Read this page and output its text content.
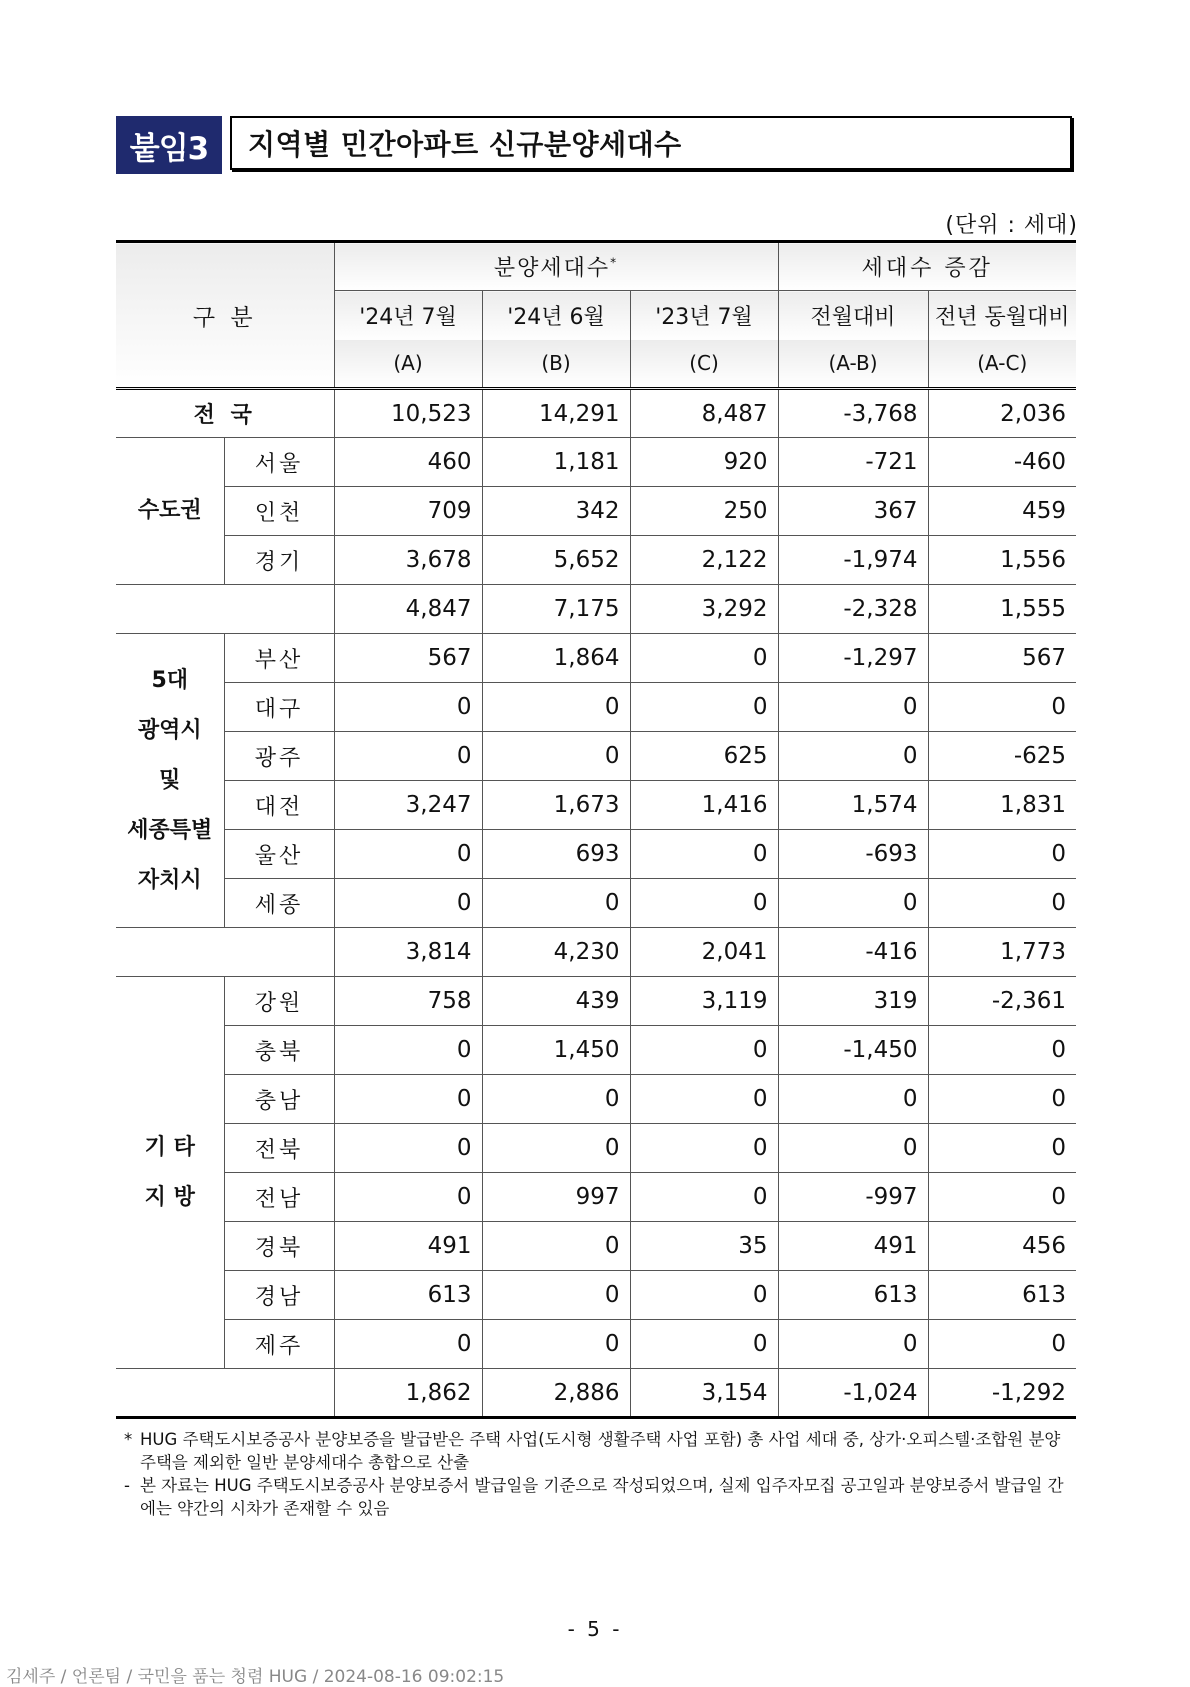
붙임3	지역별 민간아파트 신규분양세대수
(단위 : 세대)
구 분		분양세대수*			세대수 증감	
		'24년 7월	'24년 6월	'23년 7월	전월대비	전년 동월대비
		(A)	(B)	(C)	(A-B)	(A-C)
전 국		10,523	14,291	8,487	-3,768	2,036

수도권	서울	460	1,181	920	-721	-460
	인천	709	342	250	367	459
	경기	3,678	5,652	2,122	-1,974	1,556
		4,847	7,175	3,292	-2,328	1,555

5대
광역시
및
세종특별
자치시	부산	567	1,864	0	-1,297	567
	대구	0	0	0	0	0
	광주	0	0	625	0	-625
	대전	3,247	1,673	1,416	1,574	1,831
	울산	0	693	0	-693	0
	세종	0	0	0	0	0
		3,814	4,230	2,041	-416	1,773

기 타
지 방	강원	758	439	3,119	319	-2,361
	충북	0	1,450	0	-1,450	0
	충남	0	0	0	0	0
	전북	0	0	0	0	0
	전남	0	997	0	-997	0
	경북	491	0	35	491	456
	경남	613	0	0	613	613
	제주	0	0	0	0	0
		1,862	2,886	3,154	-1,024	-1,292
* HUG 주택도시보증공사 분양보증을 발급받은 주택 사업(도시형 생활주택 사업 포함) 총 사업 세대 중, 상가·오피스텔·조합원 분양 주택을 제외한 일반 분양세대수 총합으로 산출
- 본 자료는 HUG 주택도시보증공사 분양보증서 발급일을 기준으로 작성되었으며, 실제 입주자모집 공고일과 분양보증서 발급일 간에는 약간의 시차가 존재할 수 있음
- 5 -
김세주 / 언론팀 / 국민을 품는 청렴 HUG / 2024-08-16 09:02:15
